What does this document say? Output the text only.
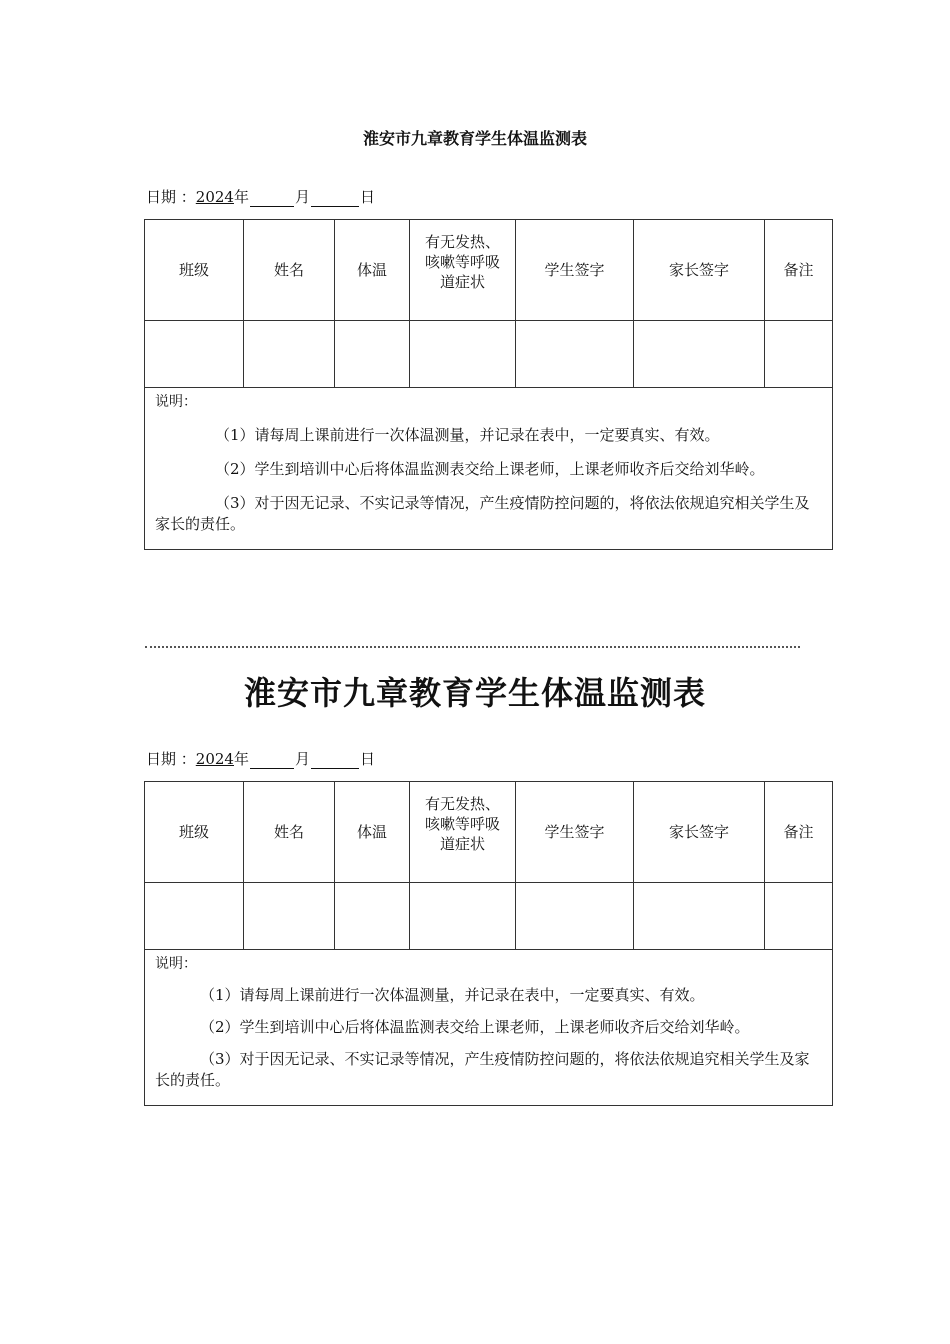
淮安市九章教育学生体温监测表
日期 ：2024年	月	日
班级	姓名	体温	有无发热、
咳嗽等呼吸
道症状	学生签字	家长签字	备注

说明：
（1）请每周上课前进行一次体温测量，并记录在表中，一定要真实、有效。
（2）学生到培训中心后将体温监测表交给上课老师，上课老师收齐后交给刘华岭。
（3）对于因无记录、不实记录等情况，产生疫情防控问题的，将依法依规追究相关学生及家长的责任。						
淮安市九章教育学生体温监测表
日期 ：2024年	月	日
班级	姓名	体温	有无发热、
咳嗽等呼吸
道症状	学生签字	家长签字	备注

说明：
（1）请每周上课前进行一次体温测量，并记录在表中，一定要真实、有效。
（2）学生到培训中心后将体温监测表交给上课老师，上课老师收齐后交给刘华岭。
（3）对于因无记录、不实记录等情况，产生疫情防控问题的，将依法依规追究相关学生及家长的责任。						
